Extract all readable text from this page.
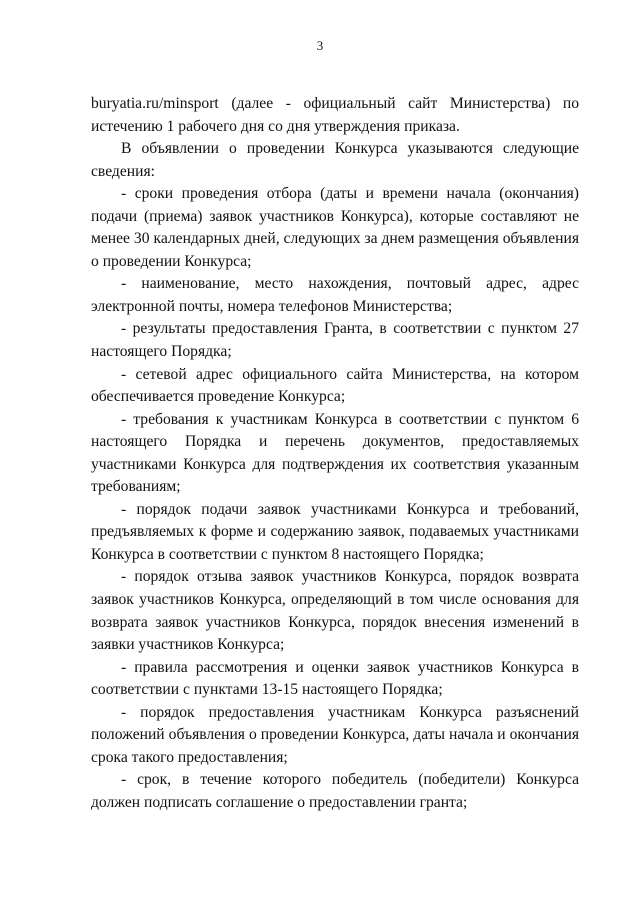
3

buryatia.ru/minsport (далее - официальный сайт Министерства) по истечению 1 рабочего дня со дня утверждения приказа.

В объявлении о проведении Конкурса указываются следующие сведения:

- сроки проведения отбора (даты и времени начала (окончания) подачи (приема) заявок участников Конкурса), которые составляют не менее 30 календарных дней, следующих за днем размещения объявления о проведении Конкурса;

- наименование, место нахождения, почтовый адрес, адрес электронной почты, номера телефонов Министерства;

- результаты предоставления Гранта, в соответствии с пунктом 27 настоящего Порядка;

- сетевой адрес официального сайта Министерства, на котором обеспечивается проведение Конкурса;

- требования к участникам Конкурса в соответствии с пунктом 6 настоящего Порядка и перечень документов, предоставляемых участниками Конкурса для подтверждения их соответствия указанным требованиям;

- порядок подачи заявок участниками Конкурса и требований, предъявляемых к форме и содержанию заявок, подаваемых участниками Конкурса в соответствии с пунктом 8 настоящего Порядка;

- порядок отзыва заявок участников Конкурса, порядок возврата заявок участников Конкурса, определяющий в том числе основания для возврата заявок участников Конкурса, порядок внесения изменений в заявки участников Конкурса;

- правила рассмотрения и оценки заявок участников Конкурса в соответствии с пунктами 13-15 настоящего Порядка;

- порядок предоставления участникам Конкурса разъяснений положений объявления о проведении Конкурса, даты начала и окончания срока такого предоставления;

- срок, в течение которого победитель (победители) Конкурса должен подписать соглашение о предоставлении гранта;
